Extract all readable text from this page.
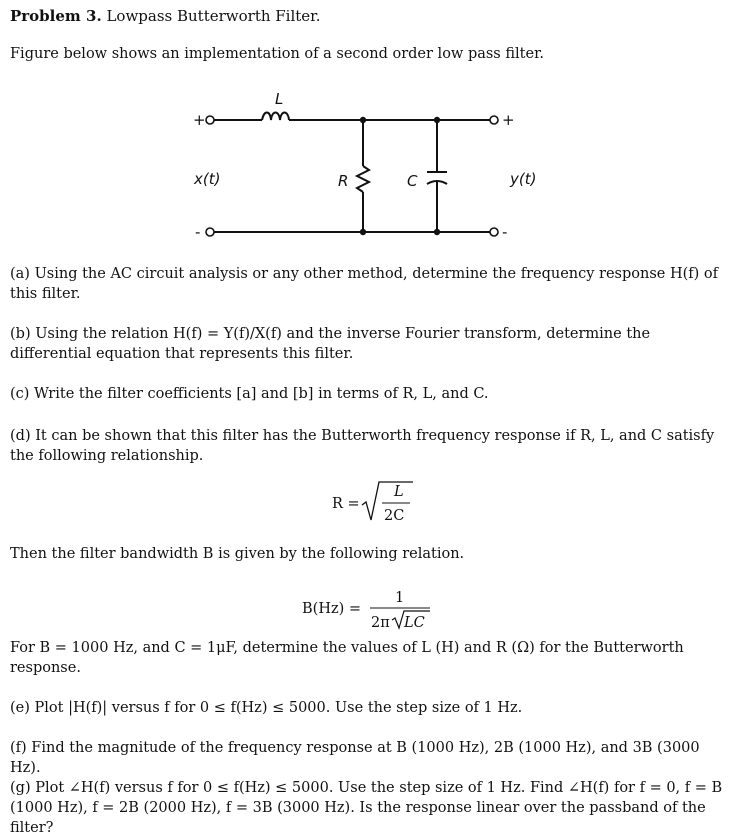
Problem 3. Lowpass Butterworth Filter.
Figure below shows an implementation of a second order low pass filter.
L
R	C
x(t)	y(t)
+
-
+
-
(a) Using the AC circuit analysis or any other method, determine the frequency response H(f) of this filter.
(b) Using the relation H(f) = Y(f)/X(f) and the inverse Fourier transform, determine the differential equation that represents this filter.
(c) Write the filter coefficients [a] and [b] in terms of R, L, and C.
(d) It can be shown that this filter has the Butterworth frequency response if R, L, and C satisfy the following relationship.
R =
L
2C
Then the filter bandwidth B is given by the following relation.
B(Hz) =
1
2π LC
For B = 1000 Hz, and C = 1μF, determine the values of L (H) and R (Ω) for the Butterworth response.
(e) Plot |H(f)| versus f for 0 ≤ f(Hz) ≤ 5000. Use the step size of 1 Hz.
(f) Find the magnitude of the frequency response at B (1000 Hz), 2B (1000 Hz), and 3B (3000 Hz).
(g) Plot ∠H(f) versus f for 0 ≤ f(Hz) ≤ 5000. Use the step size of 1 Hz. Find ∠H(f) for f = 0, f = B (1000 Hz), f = 2B (2000 Hz), f = 3B (3000 Hz). Is the response linear over the passband of the filter?
